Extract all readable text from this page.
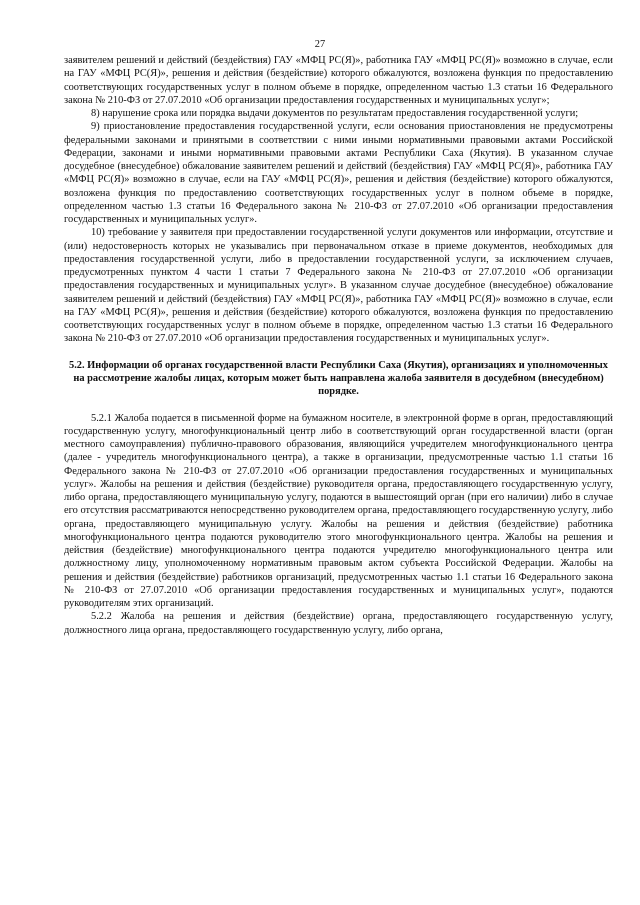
27

заявителем решений и действий (бездействия) ГАУ «МФЦ РС(Я)», работника ГАУ «МФЦ РС(Я)» возможно в случае, если на ГАУ «МФЦ РС(Я)», решения и действия (бездействие) которого обжалуются, возложена функция по предоставлению соответствующих государственных услуг в полном объеме в порядке, определенном частью 1.3 статьи 16 Федерального закона № 210-ФЗ от 27.07.2010 «Об организации предоставления государственных и муниципальных услуг»;

8) нарушение срока или порядка выдачи документов по результатам предоставления государственной услуги;

9) приостановление предоставления государственной услуги, если основания приостановления не предусмотрены федеральными законами и принятыми в соответствии с ними иными нормативными правовыми актами Российской Федерации, законами и иными нормативными правовыми актами Республики Саха (Якутия). В указанном случае досудебное (внесудебное) обжалование заявителем решений и действий (бездействия) ГАУ «МФЦ РС(Я)», работника ГАУ «МФЦ РС(Я)» возможно в случае, если на ГАУ «МФЦ РС(Я)», решения и действия (бездействие) которого обжалуются, возложена функция по предоставлению соответствующих государственных услуг в полном объеме в порядке, определенном частью 1.3 статьи 16 Федерального закона № 210-ФЗ от 27.07.2010 «Об организации предоставления государственных и муниципальных услуг».

10) требование у заявителя при предоставлении государственной услуги документов или информации, отсутствие и (или) недостоверность которых не указывались при первоначальном отказе в приеме документов, необходимых для предоставления государственной услуги, либо в предоставлении государственной услуги, за исключением случаев, предусмотренных пунктом 4 части 1 статьи 7 Федерального закона № 210-ФЗ от 27.07.2010 «Об организации предоставления государственных и муниципальных услуг». В указанном случае досудебное (внесудебное) обжалование заявителем решений и действий (бездействия) ГАУ «МФЦ РС(Я)», работника ГАУ «МФЦ РС(Я)» возможно в случае, если на ГАУ «МФЦ РС(Я)», решения и действия (бездействие) которого обжалуются, возложена функция по предоставлению соответствующих государственных услуг в полном объеме в порядке, определенном частью 1.3 статьи 16 Федерального закона № 210-ФЗ от 27.07.2010 «Об организации предоставления государственных и муниципальных услуг».

5.2. Информации об органах государственной власти Республики Саха (Якутия), организациях и уполномоченных на рассмотрение жалобы лицах, которым может быть направлена жалоба заявителя в досудебном (внесудебном) порядке.

5.2.1 Жалоба подается в письменной форме на бумажном носителе, в электронной форме в орган, предоставляющий государственную услугу, многофункциональный центр либо в соответствующий орган государственной власти (орган местного самоуправления) публично-правового образования, являющийся учредителем многофункционального центра (далее - учредитель многофункционального центра), а также в организации, предусмотренные частью 1.1 статьи 16 Федерального закона № 210-ФЗ от 27.07.2010 «Об организации предоставления государственных и муниципальных услуг». Жалобы на решения и действия (бездействие) руководителя органа, предоставляющего государственную услугу, либо органа, предоставляющего муниципальную услугу, подаются в вышестоящий орган (при его наличии) либо в случае его отсутствия рассматриваются непосредственно руководителем органа, предоставляющего государственную услугу, либо органа, предоставляющего муниципальную услугу. Жалобы на решения и действия (бездействие) работника многофункционального центра подаются руководителю этого многофункционального центра. Жалобы на решения и действия (бездействие) многофункционального центра подаются учредителю многофункционального центра или должностному лицу, уполномоченному нормативным правовым актом субъекта Российской Федерации. Жалобы на решения и действия (бездействие) работников организаций, предусмотренных частью 1.1 статьи 16 Федерального закона № 210-ФЗ от 27.07.2010 «Об организации предоставления государственных и муниципальных услуг», подаются руководителям этих организаций.

5.2.2 Жалоба на решения и действия (бездействие) органа, предоставляющего государственную услугу, должностного лица органа, предоставляющего государственную услугу, либо органа,
